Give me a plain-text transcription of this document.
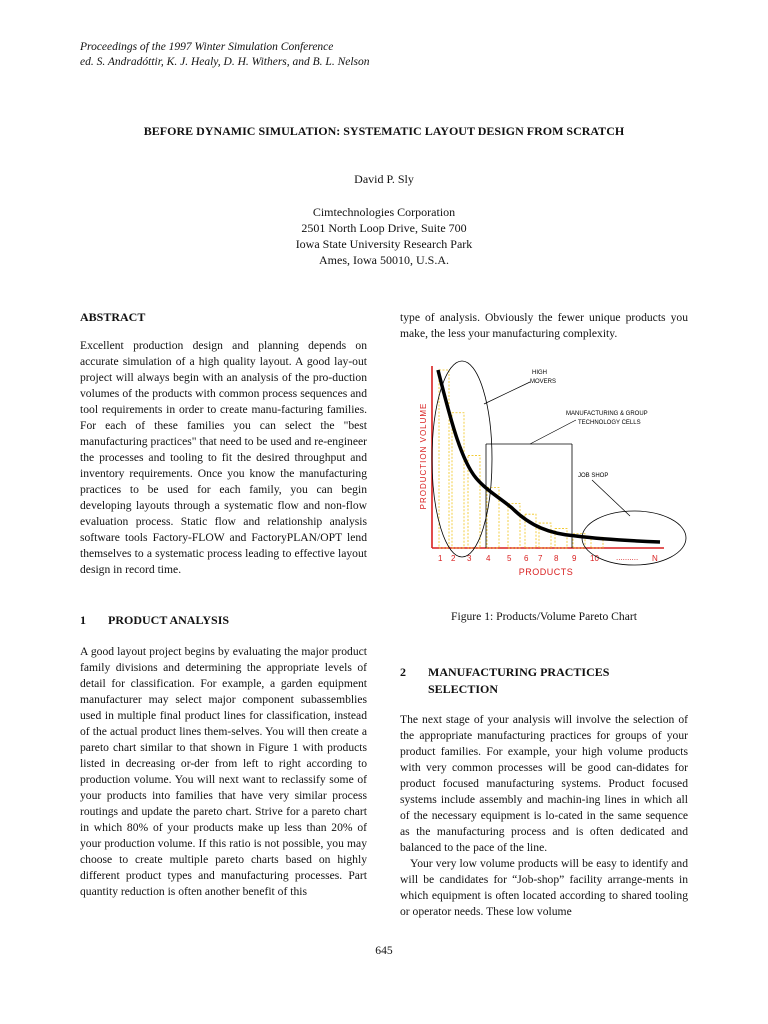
Proceedings of the 1997 Winter Simulation Conference
ed. S. Andradóttir, K. J. Healy, D. H. Withers, and B. L. Nelson
BEFORE DYNAMIC SIMULATION: SYSTEMATIC LAYOUT DESIGN FROM SCRATCH
David P. Sly
Cimtechnologies Corporation
2501 North Loop Drive, Suite 700
Iowa State University Research Park
Ames, Iowa 50010, U.S.A.
ABSTRACT

Excellent production design and planning depends on accurate simulation of a high quality layout. A good lay-out project will always begin with an analysis of the pro-duction volumes of the products with common process sequences and tool requirements in order to create manu-facturing families. For each of these families you can select the "best manufacturing practices" that need to be used and re-engineer the processes and tooling to fit the desired throughput and inventory requirements. Once you know the manufacturing practices to be used for each family, you can begin developing layouts through a systematic flow and non-flow evaluation process. Static flow and relationship analysis software tools Factory-FLOW and FactoryPLAN/OPT lend themselves to a systematic process leading to effective layout design in record time.

1 PRODUCT ANALYSIS

A good layout project begins by evaluating the major product family divisions and determining the appropriate levels of detail for classification. For example, a garden equipment manufacturer may select major component subassemblies used in multiple final product lines for classification, instead of the actual product lines them-selves. You will then create a pareto chart similar to that shown in Figure 1 with products listed in decreasing or-der from left to right according to production volume. You will next want to reclassify some of your products into families that have very similar process routings and update the pareto chart. Strive for a pareto chart in which 80% of your products make up less than 20% of your production volume. If this ratio is not possible, you may choose to create multiple pareto charts based on highly different product types and manufacturing processes. Part quantity reduction is often another benefit of this

type of analysis. Obviously the fewer unique products you make, the less your manufacturing complexity.

PRODUCTION VOLUME
1 2 3 4 5 6 7 8 9 10	N
..........
PRODUCTS
HIGH
MOVERS
MANUFACTURING & GROUP
TECHNOLOGY CELLS
JOB SHOP
Figure 1: Products/Volume Pareto Chart
2 MANUFACTURING PRACTICES
SELECTION

The next stage of your analysis will involve the selection of the appropriate manufacturing practices for groups of your product families. For example, your high volume products with very common processes will be good can-didates for product focused manufacturing systems. Product focused systems include assembly and machin-ing lines in which all of the necessary equipment is lo-cated in the same sequence as the manufacturing process and is often dedicated and balanced to the pace of the line.

Your very low volume products will be easy to identify and will be candidates for “Job-shop” facility arrange-ments in which equipment is often located according to shared tooling or operator needs. These low volume

645
